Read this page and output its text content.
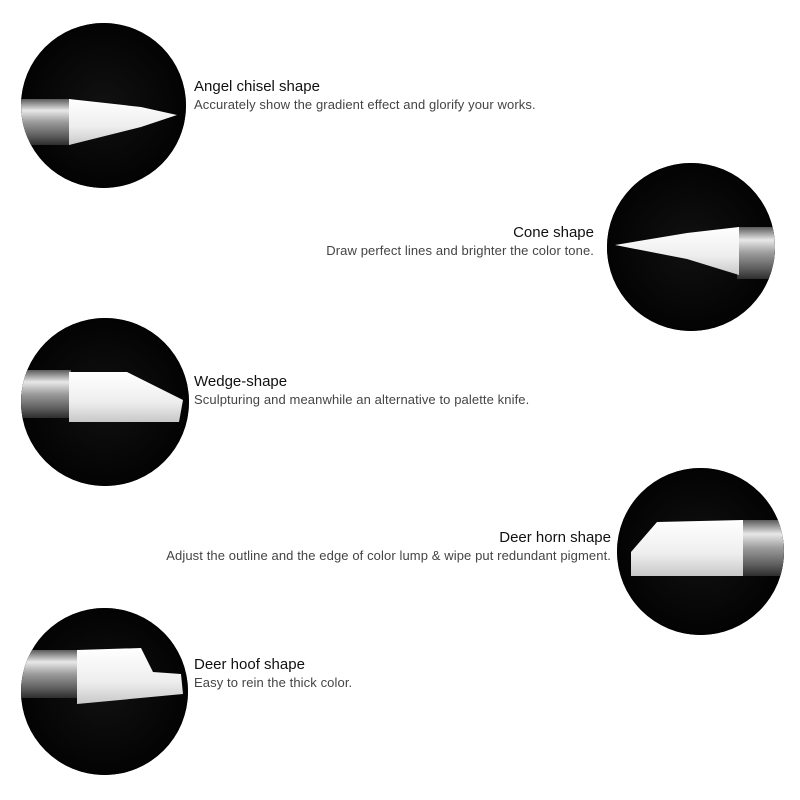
Angel chisel shape
Accurately show the gradient effect and glorify your works.
Cone shape
Draw perfect lines and brighter the color tone.
Wedge-shape
Sculpturing and meanwhile an alternative to palette knife.
Deer horn shape
Adjust the outline and the edge of color lump & wipe put redundant pigment.
Deer hoof shape
Easy to rein the thick color.
